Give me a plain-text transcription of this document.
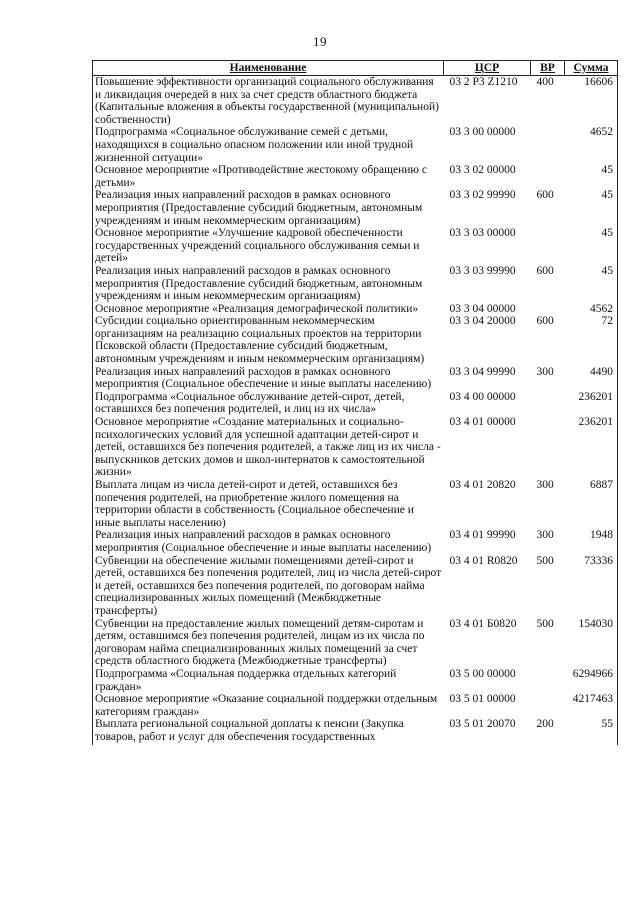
19
Наименование	ЦСР	ВР	Сумма
Повышение эффективности организаций социального обслуживания и ликвидация очередей в них за счет средств областного бюджета (Капитальные вложения в объекты государственной (муниципальной) собственности)	03 2 P3 Z1210	400	16606
Подпрограмма «Социальное обслуживание семей с детьми, находящихся в социально опасном положении или иной трудной жизненной ситуации»	03 3 00 00000		4652
Основное мероприятие «Противодействие жестокому обращению с детьми»	03 3 02 00000		45
Реализация иных направлений расходов в рамках основного мероприятия (Предоставление субсидий бюджетным, автономным учреждениям и иным некоммерческим организациям)	03 3 02 99990	600	45
Основное мероприятие «Улучшение кадровой обеспеченности государственных учреждений социального обслуживания семьи и детей»	03 3 03 00000		45
Реализация иных направлений расходов в рамках основного мероприятия (Предоставление субсидий бюджетным, автономным учреждениям и иным некоммерческим организациям)	03 3 03 99990	600	45
Основное мероприятие «Реализация демографической политики»	03 3 04 00000		4562
Субсидии социально ориентированным некоммерческим организациям на реализацию социальных проектов на территории Псковской области (Предоставление субсидий бюджетным, автономным учреждениям и иным некоммерческим организациям)	03 3 04 20000	600	72
Реализация иных направлений расходов в рамках основного мероприятия (Социальное обеспечение и иные выплаты населению)	03 3 04 99990	300	4490
Подпрограмма «Социальное обслуживание детей-сирот, детей, оставшихся без попечения родителей, и лиц из их числа»	03 4 00 00000		236201
Основное мероприятие «Создание материальных и социально-психологических условий для успешной адаптации детей-сирот и детей, оставшихся без попечения родителей, а также лиц из их числа - выпускников детских домов и школ-интернатов к самостоятельной жизни»	03 4 01 00000		236201
Выплата лицам из числа детей-сирот и детей, оставшихся без попечения родителей, на приобретение жилого помещения на территории области в собственность (Социальное обеспечение и иные выплаты населению)	03 4 01 20820	300	6887
Реализация иных направлений расходов в рамках основного мероприятия (Социальное обеспечение и иные выплаты населению)	03 4 01 99990	300	1948
Субвенции на обеспечение жилыми помещениями детей-сирот и детей, оставшихся без попечения родителей, лиц из числа детей-сирот и детей, оставшихся без попечения родителей, по договорам найма специализированных жилых помещений (Межбюджетные трансферты)	03 4 01 R0820	500	73336
Субвенции на предоставление жилых помещений детям-сиротам и детям, оставшимся без попечения родителей, лицам из их числа по договорам найма специализированных жилых помещений за счет средств областного бюджета (Межбюджетные трансферты)	03 4 01 Б0820	500	154030
Подпрограмма «Социальная поддержка отдельных категорий граждан»	03 5 00 00000		6294966
Основное мероприятие «Оказание социальной поддержки отдельным категориям граждан»	03 5 01 00000		4217463
Выплата региональной социальной доплаты к пенсии (Закупка товаров, работ и услуг для обеспечения государственных	03 5 01 20070	200	55
